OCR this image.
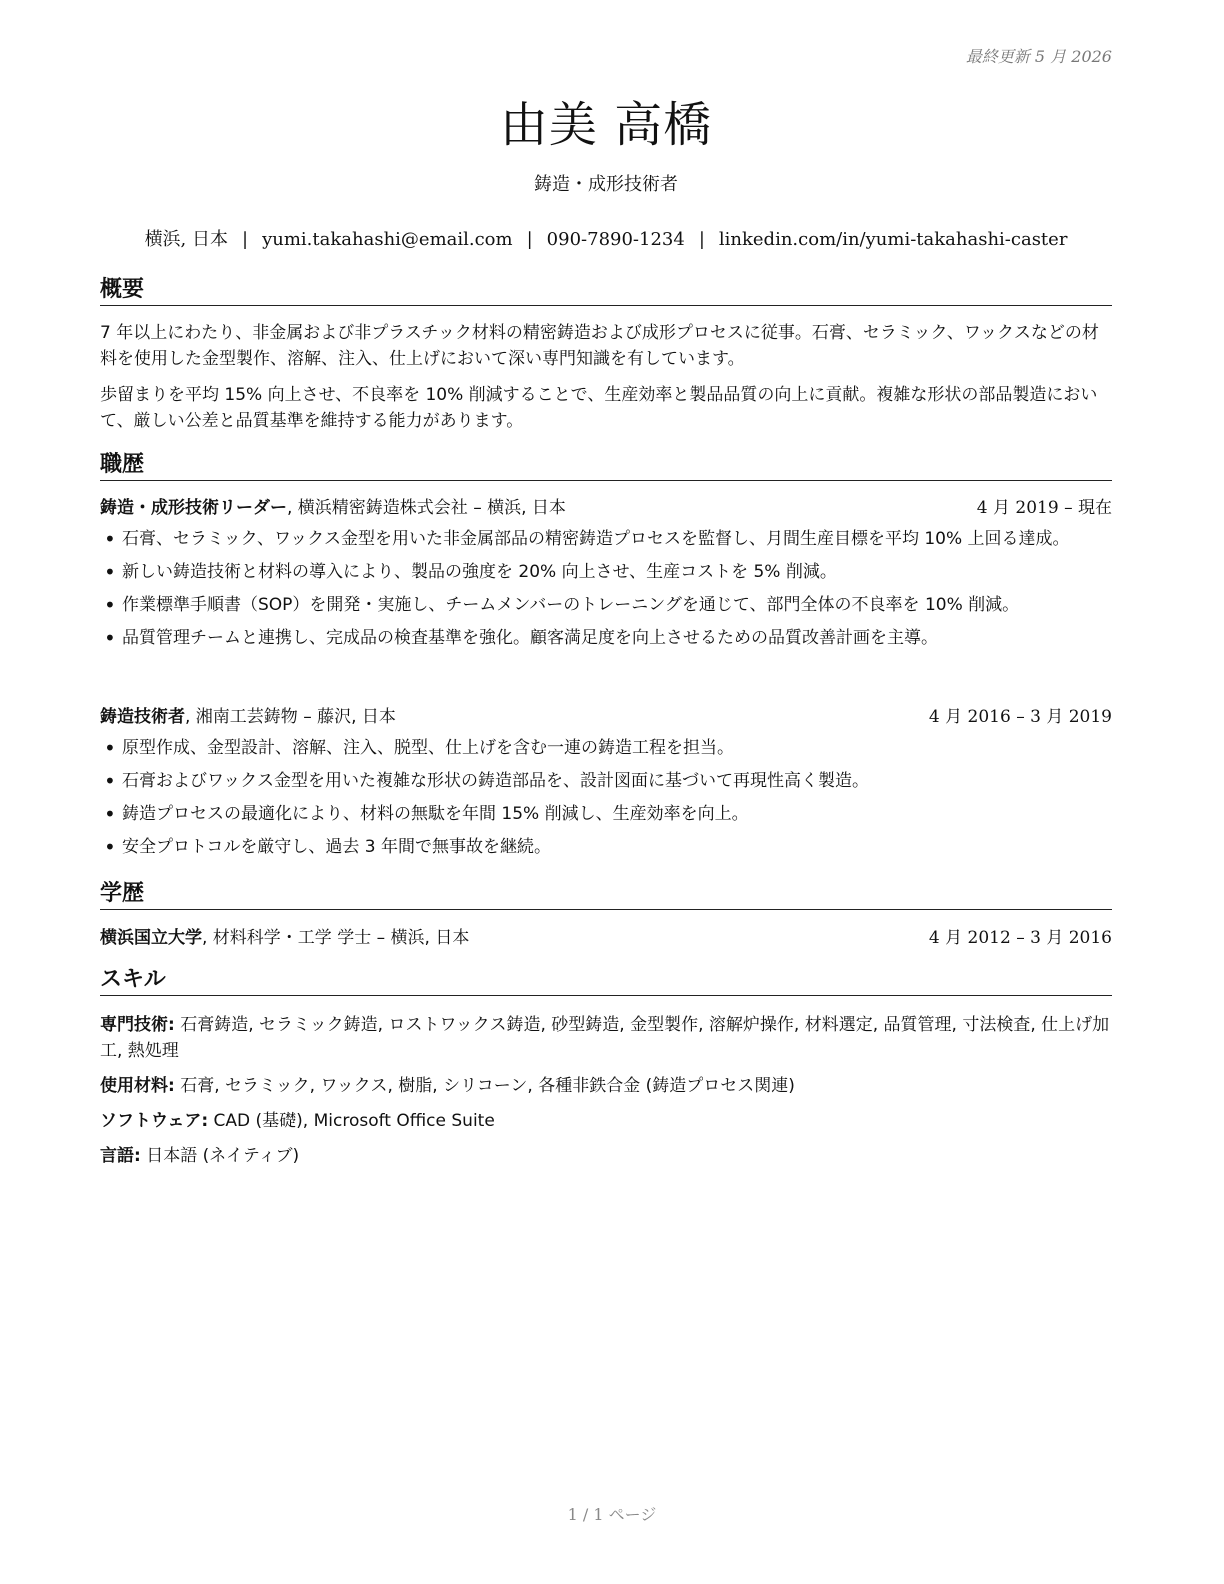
最終更新 5 月 2026
由美 高橋
鋳造・成形技術者
横浜, 日本 | yumi.takahashi@email.com | 090-7890-1234 | linkedin.com/in/yumi-takahashi-caster
概要
7 年以上にわたり、非金属および非プラスチック材料の精密鋳造および成形プロセスに従事。石膏、セラミック、ワックスなどの材料を使用した金型製作、溶解、注入、仕上げにおいて深い専門知識を有しています。
歩留まりを平均 15% 向上させ、不良率を 10% 削減することで、生産効率と製品品質の向上に貢献。複雑な形状の部品製造において、厳しい公差と品質基準を維持する能力があります。
職歴
鋳造・成形技術リーダー, 横浜精密鋳造株式会社 – 横浜, 日本	4 月 2019 – 現在
• 石膏、セラミック、ワックス金型を用いた非金属部品の精密鋳造プロセスを監督し、月間生産目標を平均 10% 上回る達成。
• 新しい鋳造技術と材料の導入により、製品の強度を 20% 向上させ、生産コストを 5% 削減。
• 作業標準手順書（SOP）を開発・実施し、チームメンバーのトレーニングを通じて、部門全体の不良率を 10% 削減。
• 品質管理チームと連携し、完成品の検査基準を強化。顧客満足度を向上させるための品質改善計画を主導。
鋳造技術者, 湘南工芸鋳物 – 藤沢, 日本	4 月 2016 – 3 月 2019
• 原型作成、金型設計、溶解、注入、脱型、仕上げを含む一連の鋳造工程を担当。
• 石膏およびワックス金型を用いた複雑な形状の鋳造部品を、設計図面に基づいて再現性高く製造。
• 鋳造プロセスの最適化により、材料の無駄を年間 15% 削減し、生産効率を向上。
• 安全プロトコルを厳守し、過去 3 年間で無事故を継続。
学歴
横浜国立大学, 材料科学・工学 学士 – 横浜, 日本	4 月 2012 – 3 月 2016
スキル
専門技術: 石膏鋳造, セラミック鋳造, ロストワックス鋳造, 砂型鋳造, 金型製作, 溶解炉操作, 材料選定, 品質管理, 寸法検査, 仕上げ加工, 熱処理
使用材料: 石膏, セラミック, ワックス, 樹脂, シリコーン, 各種非鉄合金 (鋳造プロセス関連)
ソフトウェア: CAD (基礎), Microsoft Office Suite
言語: 日本語 (ネイティブ)
1 / 1 ページ
